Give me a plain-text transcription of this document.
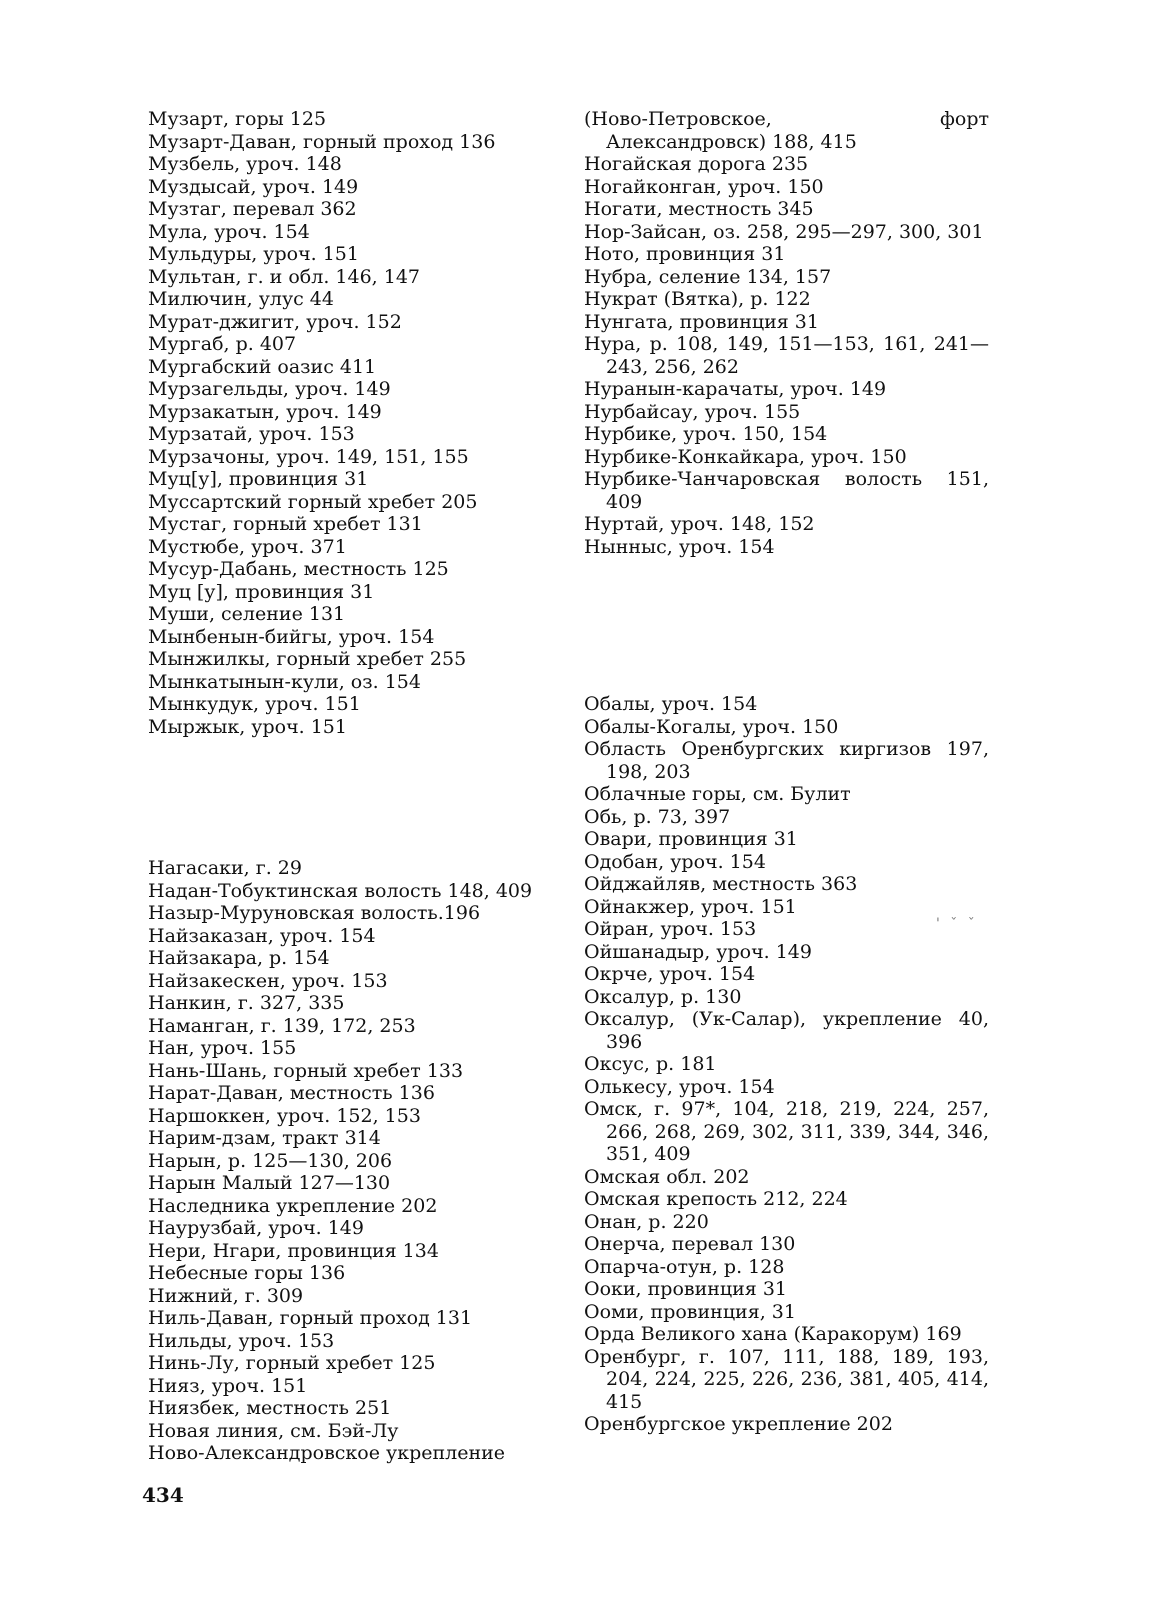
Музарт, горы 125

Музарт-Даван, горный проход 136

Музбель, уроч. 148

Муздысай, уроч. 149

Музтаг, перевал 362

Мула, уроч. 154

Мульдуры, уроч. 151

Мультан, г. и обл. 146, 147

Милючин, улус 44

Мурат-джигит, уроч. 152

Мургаб, р. 407

Мургабский оазис 411

Мурзагельды, уроч. 149

Мурзакатын, уроч. 149

Мурзатай, уроч. 153

Мурзачоны, уроч. 149, 151, 155

Муц[у], провинция 31

Муссартский горный хребет 205

Мустаг, горный хребет 131

Мустюбе, уроч. 371

Мусур-Дабань, местность 125

Муц [у], провинция 31

Муши, селение 131

Мынбенын-бийгы, уроч. 154

Мынжилкы, горный хребет 255

Мынкатынын-кули, оз. 154

Мынкудук, уроч. 151

Мыржык, уроч. 151

Нагасаки, г. 29

Надан-Тобуктинская волость 148, 409

Назыр-Муруновская волость.196

Найзаказан, уроч. 154

Найзакара, р. 154

Найзакескен, уроч. 153

Нанкин, г. 327, 335

Наманган, г. 139, 172, 253

Нан, уроч. 155

Нань-Шань, горный хребет 133

Нарат-Даван, местность 136

Наршоккен, уроч. 152, 153

Нарим-дзам, тракт 314

Нарын, р. 125—130, 206

Нарын Малый 127—130

Наследника укрепление 202

Наурузбай, уроч. 149

Нери, Нгари, провинция 134

Небесные горы 136

Нижний, г. 309

Ниль-Даван, горный проход 131

Нильды, уроч. 153

Нинь-Лу, горный хребет 125

Нияз, уроч. 151

Ниязбек, местность 251

Новая линия, см. Бэй-Лу

Ново-Александровское укрепление

(Ново-Петровское, форт Александровск) 188, 415

Ногайская дорога 235

Ногайконган, уроч. 150

Ногати, местность 345

Нор-Зайсан, оз. 258, 295—297, 300, 301

Ното, провинция 31

Нубра, селение 134, 157

Нукрат (Вятка), р. 122

Нунгата, провинция 31

Нура, р. 108, 149, 151—153, 161, 241—243, 256, 262

Нуранын-карачаты, уроч. 149

Нурбайсау, уроч. 155

Нурбике, уроч. 150, 154

Нурбике-Конкайкара, уроч. 150

Нурбике-Чанчаровская волость 151, 409

Нуртай, уроч. 148, 152

Нынныс, уроч. 154

Обалы, уроч. 154

Обалы-Когалы, уроч. 150

Область Оренбургских киргизов 197, 198, 203

Облачные горы, см. Булит

Обь, р. 73, 397

Овари, провинция 31

Одобан, уроч. 154

Ойджайляв, местность 363

Ойнакжер, уроч. 151

Ойран, уроч. 153

Ойшанадыр, уроч. 149

Окрче, уроч. 154

Оксалур, р. 130

Оксалур, (Ук-Салар), укрепление 40, 396

Оксус, р. 181

Олькесу, уроч. 154

Омск, г. 97*, 104, 218, 219, 224, 257, 266, 268, 269, 302, 311, 339, 344, 346, 351, 409

Омская обл. 202

Омская крепость 212, 224

Онан, р. 220

Онерча, перевал 130

Опарча-отун, р. 128

Ооки, провинция 31

Ооми, провинция, 31

Орда Великого хана (Каракорум) 169

Оренбург, г. 107, 111, 188, 189, 193, 204, 224, 225, 226, 236, 381, 405, 414, 415

Оренбургское укрепление 202

434
' ˇ ˇ
